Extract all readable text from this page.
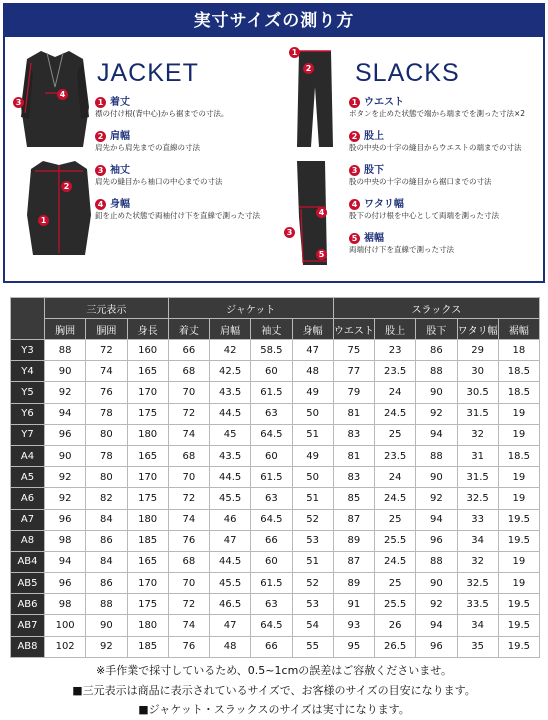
実寸サイズの測り方
3
4
2
1
JACKET
1 着丈
襟の付け根(背中心)から裾までの寸法。
2 肩幅
肩先から肩先までの直線の寸法
3 袖丈
肩先の縫目から袖口の中心までの寸法
4 身幅
釦を止めた状態で両袖付け下を直線で測った寸法
1
2
3
4
5
SLACKS
1 ウエスト
ボタンを止めた状態で端から端までを測った寸法×2
2 股上
股の中央の十字の縫目からウエストの端までの寸法
3 股下
股の中央の十字の縫目から裾口までの寸法
4 ワタリ幅
股下の付け根を中心として両端を測った寸法
5 裾幅
両端付け下を直線で測った寸法
	三元表示			ジャケット				スラックス				
	胸囲	胴囲	身長	着丈	肩幅	袖丈	身幅	ウエスト	股上	股下	ワタリ幅	裾幅
Y3	88	72	160	66	42	58.5	47	75	23	86	29	18
Y4	90	74	165	68	42.5	60	48	77	23.5	88	30	18.5
Y5	92	76	170	70	43.5	61.5	49	79	24	90	30.5	18.5
Y6	94	78	175	72	44.5	63	50	81	24.5	92	31.5	19
Y7	96	80	180	74	45	64.5	51	83	25	94	32	19
A4	90	78	165	68	43.5	60	49	81	23.5	88	31	18.5
A5	92	80	170	70	44.5	61.5	50	83	24	90	31.5	19
A6	92	82	175	72	45.5	63	51	85	24.5	92	32.5	19
A7	96	84	180	74	46	64.5	52	87	25	94	33	19.5
A8	98	86	185	76	47	66	53	89	25.5	96	34	19.5
AB4	94	84	165	68	44.5	60	51	87	24.5	88	32	19
AB5	96	86	170	70	45.5	61.5	52	89	25	90	32.5	19
AB6	98	88	175	72	46.5	63	53	91	25.5	92	33.5	19.5
AB7	100	90	180	74	47	64.5	54	93	26	94	34	19.5
AB8	102	92	185	76	48	66	55	95	26.5	96	35	19.5
※手作業で採寸しているため、0.5~1cmの誤差はご容赦くださいませ。
■三元表示は商品に表示されているサイズで、お客様のサイズの目安になります。
■ジャケット・スラックスのサイズは実寸になります。
